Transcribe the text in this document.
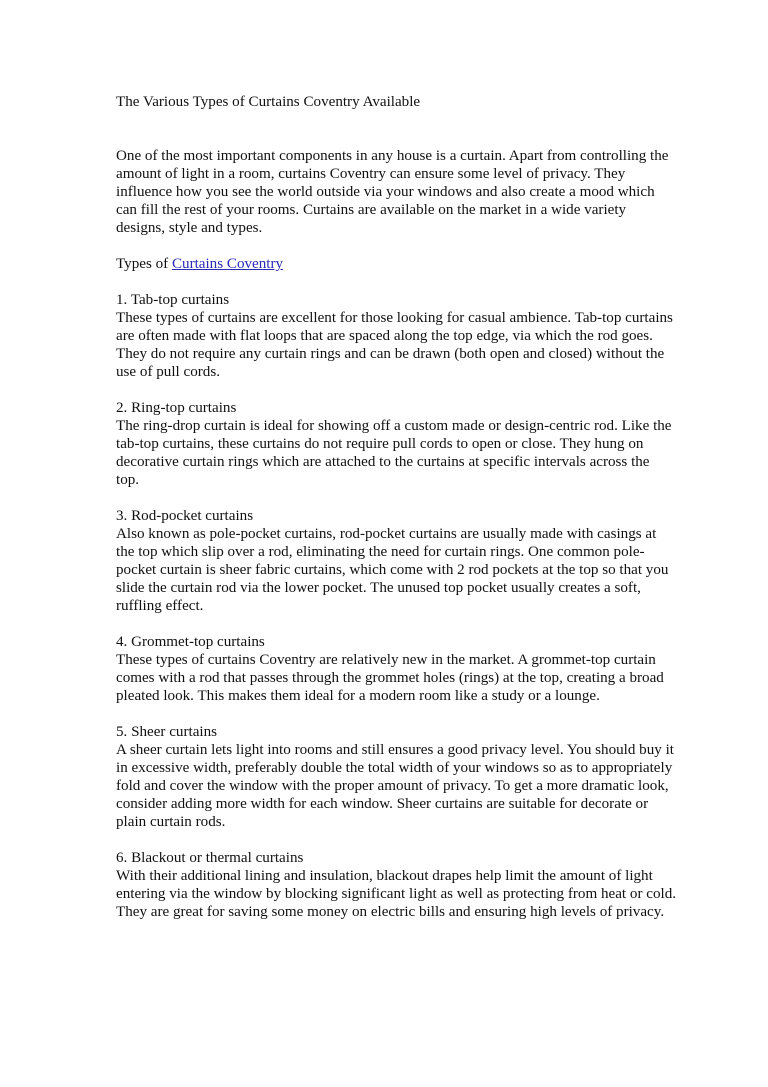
The Various Types of Curtains Coventry Available

One of the most important components in any house is a curtain. Apart from controlling the amount of light in a room, curtains Coventry can ensure some level of privacy. They influence how you see the world outside via your windows and also create a mood which can fill the rest of your rooms. Curtains are available on the market in a wide variety designs, style and types.

Types of Curtains Coventry

1. Tab-top curtains

These types of curtains are excellent for those looking for casual ambience. Tab-top curtains are often made with flat loops that are spaced along the top edge, via which the rod goes. They do not require any curtain rings and can be drawn (both open and closed) without the use of pull cords.

2. Ring-top curtains

The ring-drop curtain is ideal for showing off a custom made or design-centric rod. Like the tab-top curtains, these curtains do not require pull cords to open or close. They hung on decorative curtain rings which are attached to the curtains at specific intervals across the top.

3. Rod-pocket curtains

Also known as pole-pocket curtains, rod-pocket curtains are usually made with casings at the top which slip over a rod, eliminating the need for curtain rings. One common pole-pocket curtain is sheer fabric curtains, which come with 2 rod pockets at the top so that you slide the curtain rod via the lower pocket. The unused top pocket usually creates a soft, ruffling effect.

4. Grommet-top curtains

These types of curtains Coventry are relatively new in the market. A grommet-top curtain comes with a rod that passes through the grommet holes (rings) at the top, creating a broad pleated look. This makes them ideal for a modern room like a study or a lounge.

5. Sheer curtains

A sheer curtain lets light into rooms and still ensures a good privacy level. You should buy it in excessive width, preferably double the total width of your windows so as to appropriately fold and cover the window with the proper amount of privacy. To get a more dramatic look, consider adding more width for each window. Sheer curtains are suitable for decorate or plain curtain rods.

6. Blackout or thermal curtains

With their additional lining and insulation, blackout drapes help limit the amount of light entering via the window by blocking significant light as well as protecting from heat or cold. They are great for saving some money on electric bills and ensuring high levels of privacy.
